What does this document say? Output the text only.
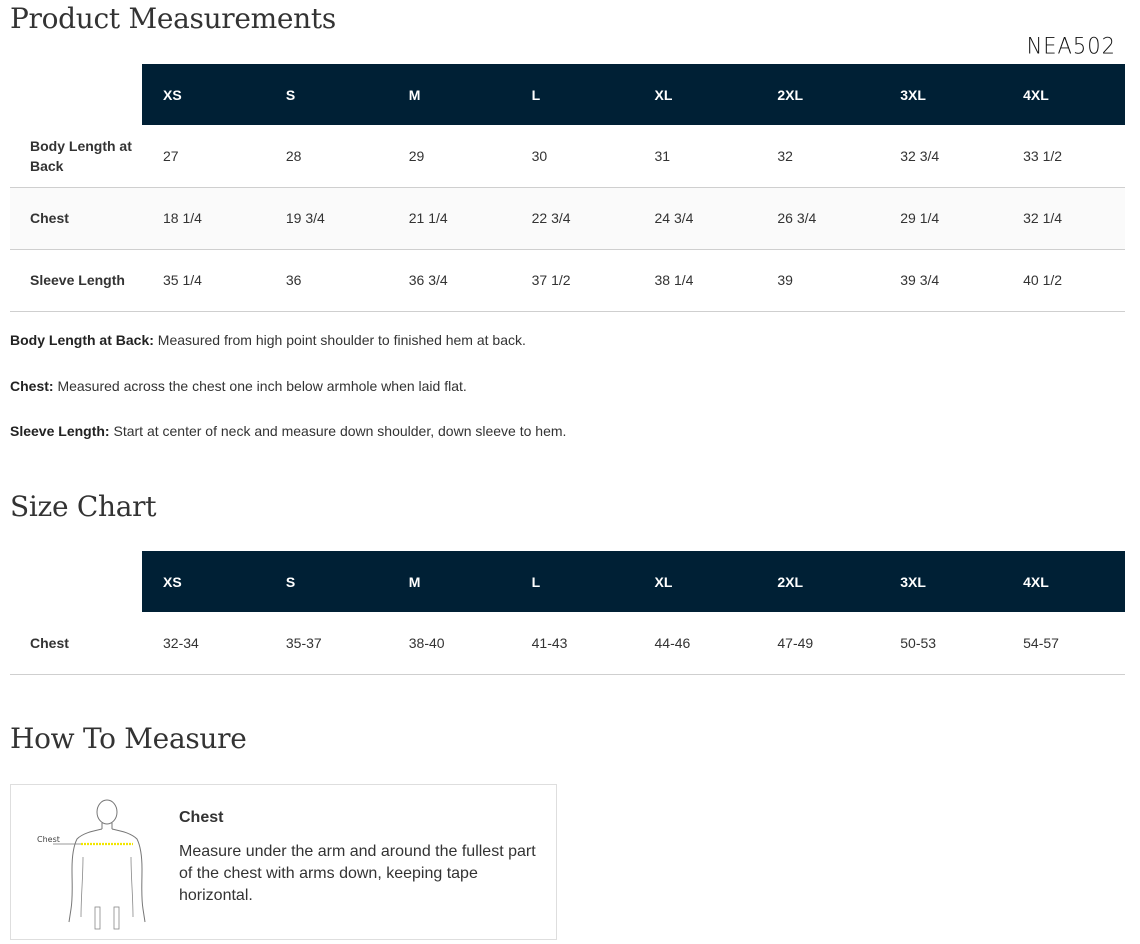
Product Measurements
NEA502
	XS	S	M	L	XL	2XL	3XL	4XL
Body Length at Back	27	28	29	30	31	32	32 3/4	33 1/2
Chest	18 1/4	19 3/4	21 1/4	22 3/4	24 3/4	26 3/4	29 1/4	32 1/4
Sleeve Length	35 1/4	36	36 3/4	37 1/2	38 1/4	39	39 3/4	40 1/2

Body Length at Back: Measured from high point shoulder to finished hem at back.

Chest: Measured across the chest one inch below armhole when laid flat.

Sleeve Length: Start at center of neck and measure down shoulder, down sleeve to hem.

Size Chart
	XS	S	M	L	XL	2XL	3XL	4XL
Chest	32-34	35-37	38-40	41-43	44-46	47-49	50-53	54-57
How To Measure
Chest
Chest
Measure under the arm and around the fullest part of the chest with arms down, keeping tape horizontal.
